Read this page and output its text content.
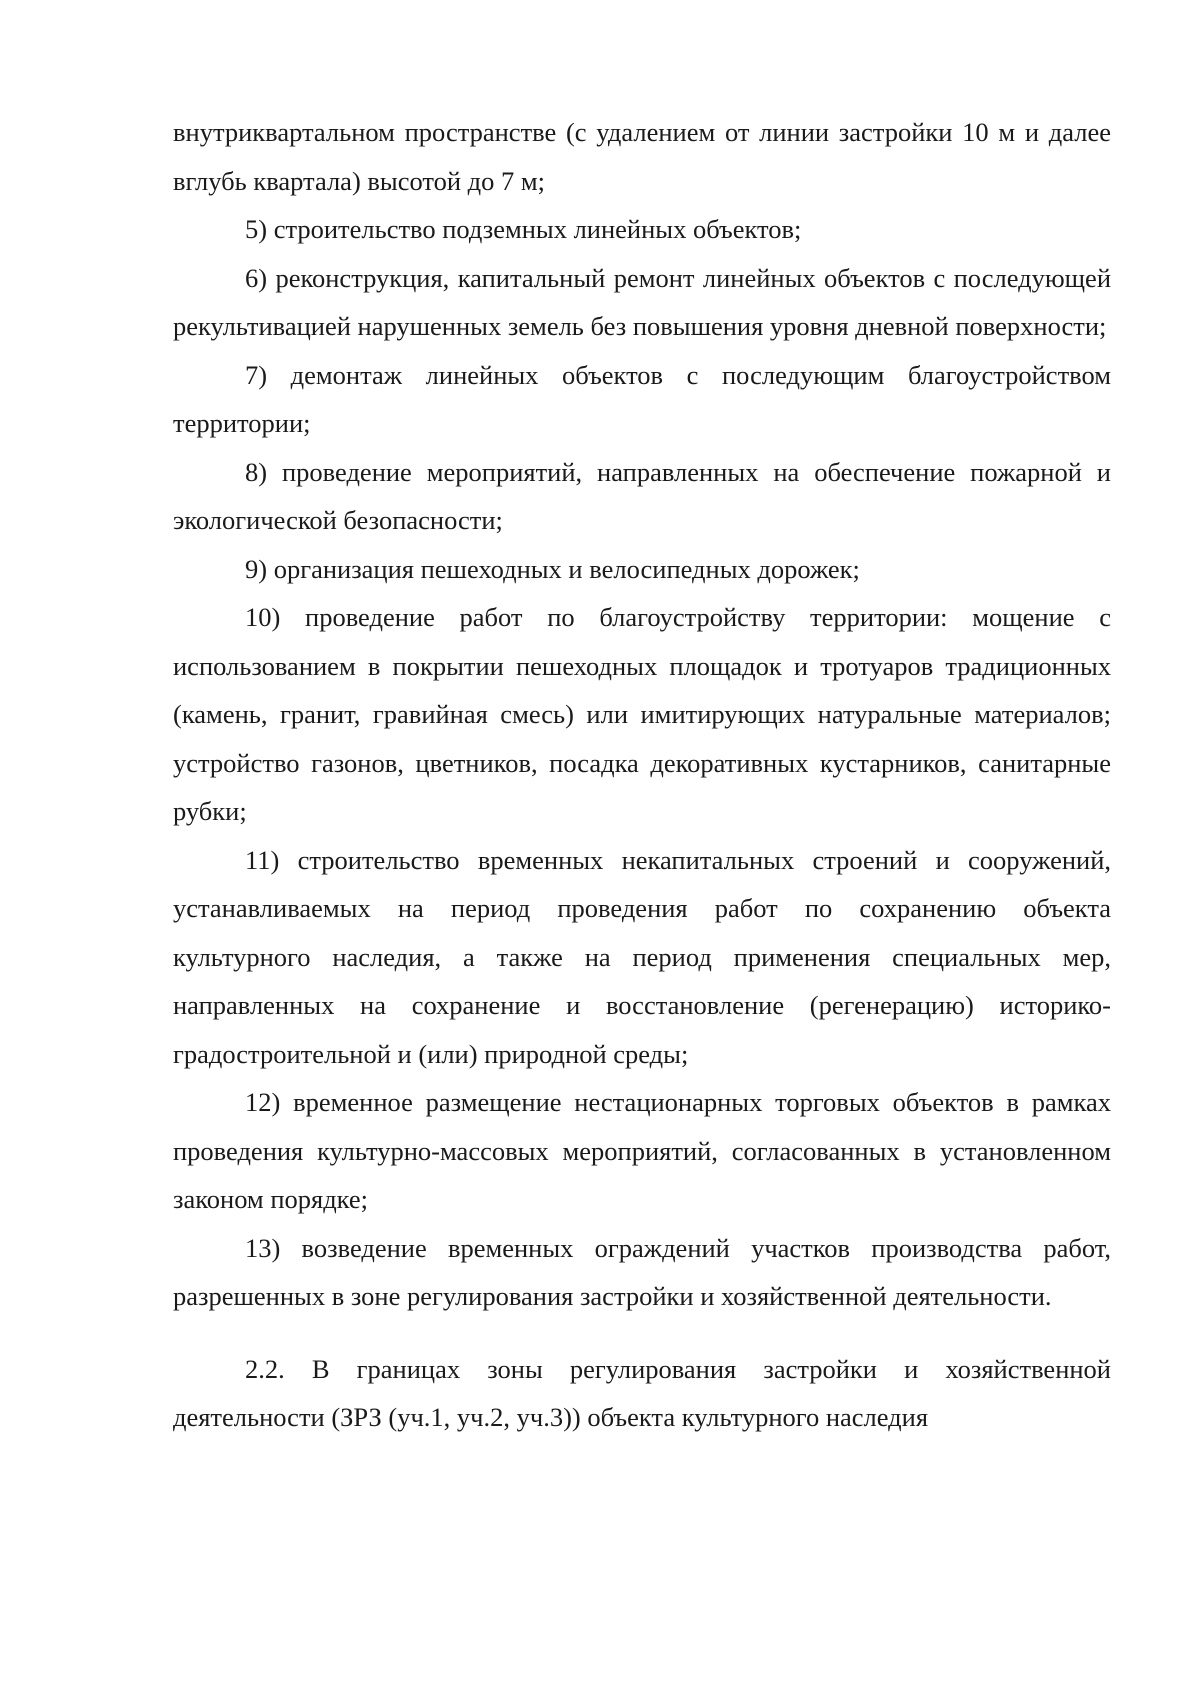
внутриквартальном пространстве (с удалением от линии застройки 10 м и далее вглубь квартала) высотой до 7 м;

5) строительство подземных линейных объектов;

6) реконструкция, капитальный ремонт линейных объектов с последующей рекультивацией нарушенных земель без повышения уровня дневной поверхности;

7) демонтаж линейных объектов с последующим благоустройством территории;

8) проведение мероприятий, направленных на обеспечение пожарной и экологической безопасности;

9) организация пешеходных и велосипедных дорожек;

10) проведение работ по благоустройству территории: мощение с использованием в покрытии пешеходных площадок и тротуаров традиционных (камень, гранит, гравийная смесь) или имитирующих натуральные материалов; устройство газонов, цветников, посадка декоративных кустарников, санитарные рубки;

11) строительство временных некапитальных строений и сооружений, устанавливаемых на период проведения работ по сохранению объекта культурного наследия, а также на период применения специальных мер, направленных на сохранение и восстановление (регенерацию) историко-градостроительной и (или) природной среды;

12) временное размещение нестационарных торговых объектов в рамках проведения культурно-массовых мероприятий, согласованных в установленном законом порядке;

13) возведение временных ограждений участков производства работ, разрешенных в зоне регулирования застройки и хозяйственной деятельности.

2.2. В границах зоны регулирования застройки и хозяйственной деятельности (ЗРЗ (уч.1, уч.2, уч.3)) объекта культурного наследия
